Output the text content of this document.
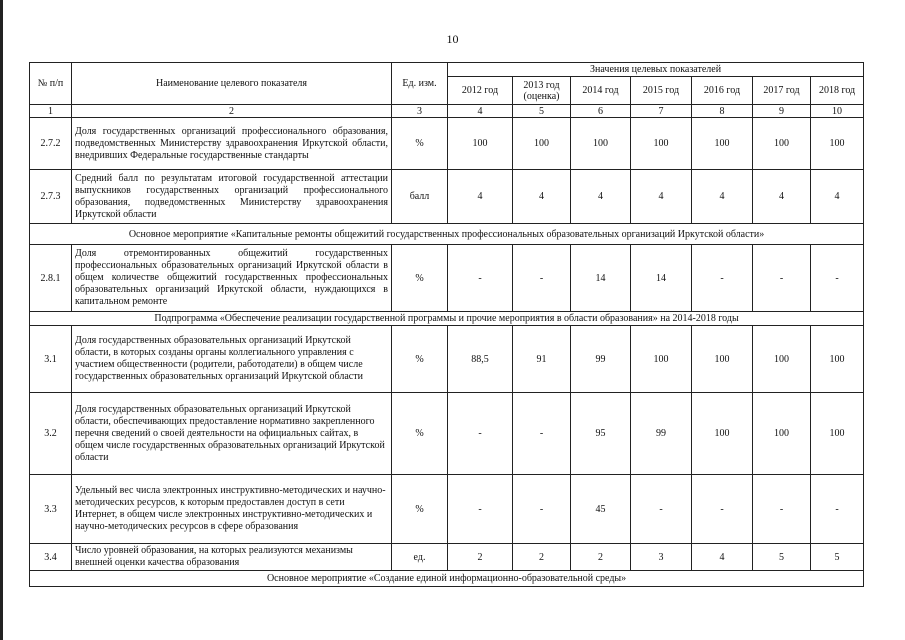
10
№ п/п	Наименование целевого показателя	Ед. изм.	Значения целевых показателей						
			2012 год	2013 год (оценка)	2014 год	2015 год	2016 год	2017 год	2018 год
1	2	3	4	5	6	7	8	9	10
2.7.2	Доля государственных организаций профессионального образования, подведомственных Министерству здравоохранения Иркутской области, внедривших Федеральные государственные стандарты	%	100	100	100	100	100	100	100
2.7.3	Средний балл по результатам итоговой государственной аттестации выпускников государственных организаций профессионального образования, подведомственных Министерству здравоохранения Иркутской области	балл	4	4	4	4	4	4	4
Основное мероприятие «Капитальные ремонты общежитий государственных профессиональных образовательных организаций Иркутской области»									
2.8.1	Доля отремонтированных общежитий государственных профессиональных образовательных организаций Иркутской области в общем количестве общежитий государственных профессиональных образовательных организаций Иркутской области, нуждающихся в капитальном ремонте	%	-	-	14	14	-	-	-
Подпрограмма «Обеспечение реализации государственной программы и прочие мероприятия в области образования» на 2014-2018 годы									
3.1	Доля государственных образовательных организаций Иркутской области, в которых созданы органы коллегиального управления с участием общественности (родители, работодатели) в общем числе государственных образовательных организаций Иркутской области	%	88,5	91	99	100	100	100	100
3.2	Доля государственных образовательных организаций Иркутской области, обеспечивающих предоставление нормативно закрепленного перечня сведений о своей деятельности на официальных сайтах, в общем числе государственных образовательных организаций Иркутской области	%	-	-	95	99	100	100	100
3.3	Удельный вес числа электронных инструктивно-методических и научно-методических ресурсов, к которым предоставлен доступ в сети Интернет, в общем числе электронных инструктивно-методических и научно-методических ресурсов в сфере образования	%	-	-	45	-	-	-	-
3.4	Число уровней образования, на которых реализуются механизмы внешней оценки качества образования	ед.	2	2	2	3	4	5	5
Основное мероприятие «Создание единой информационно-образовательной среды»									
